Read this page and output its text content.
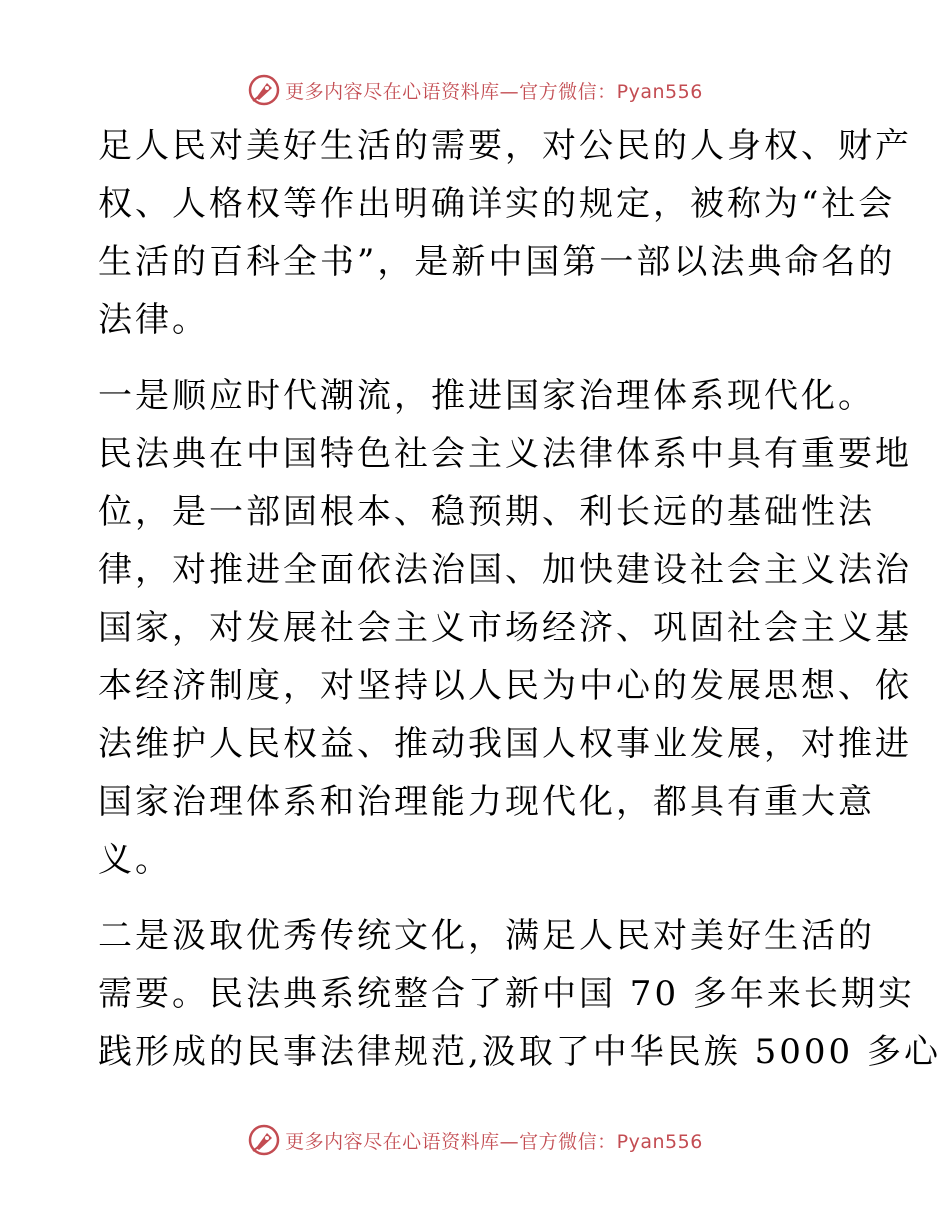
更多内容尽在心语资料库—官方微信：Pyan556

足人民对美好生活的需要，对公民的人身权、财产
权、人格权等作出明确详实的规定，被称为“社会
生活的百科全书”，是新中国第一部以法典命名的
法律。

一是顺应时代潮流，推进国家治理体系现代化。
民法典在中国特色社会主义法律体系中具有重要地
位，是一部固根本、稳预期、利长远的基础性法
律，对推进全面依法治国、加快建设社会主义法治
国家，对发展社会主义市场经济、巩固社会主义基
本经济制度，对坚持以人民为中心的发展思想、依
法维护人民权益、推动我国人权事业发展，对推进
国家治理体系和治理能力现代化，都具有重大意
义。

二是汲取优秀传统文化，满足人民对美好生活的
需要。民法典系统整合了新中国 70 多年来长期实
践形成的民事法律规范,汲取了中华民族 5000 多心

更多内容尽在心语资料库—官方微信：Pyan556
